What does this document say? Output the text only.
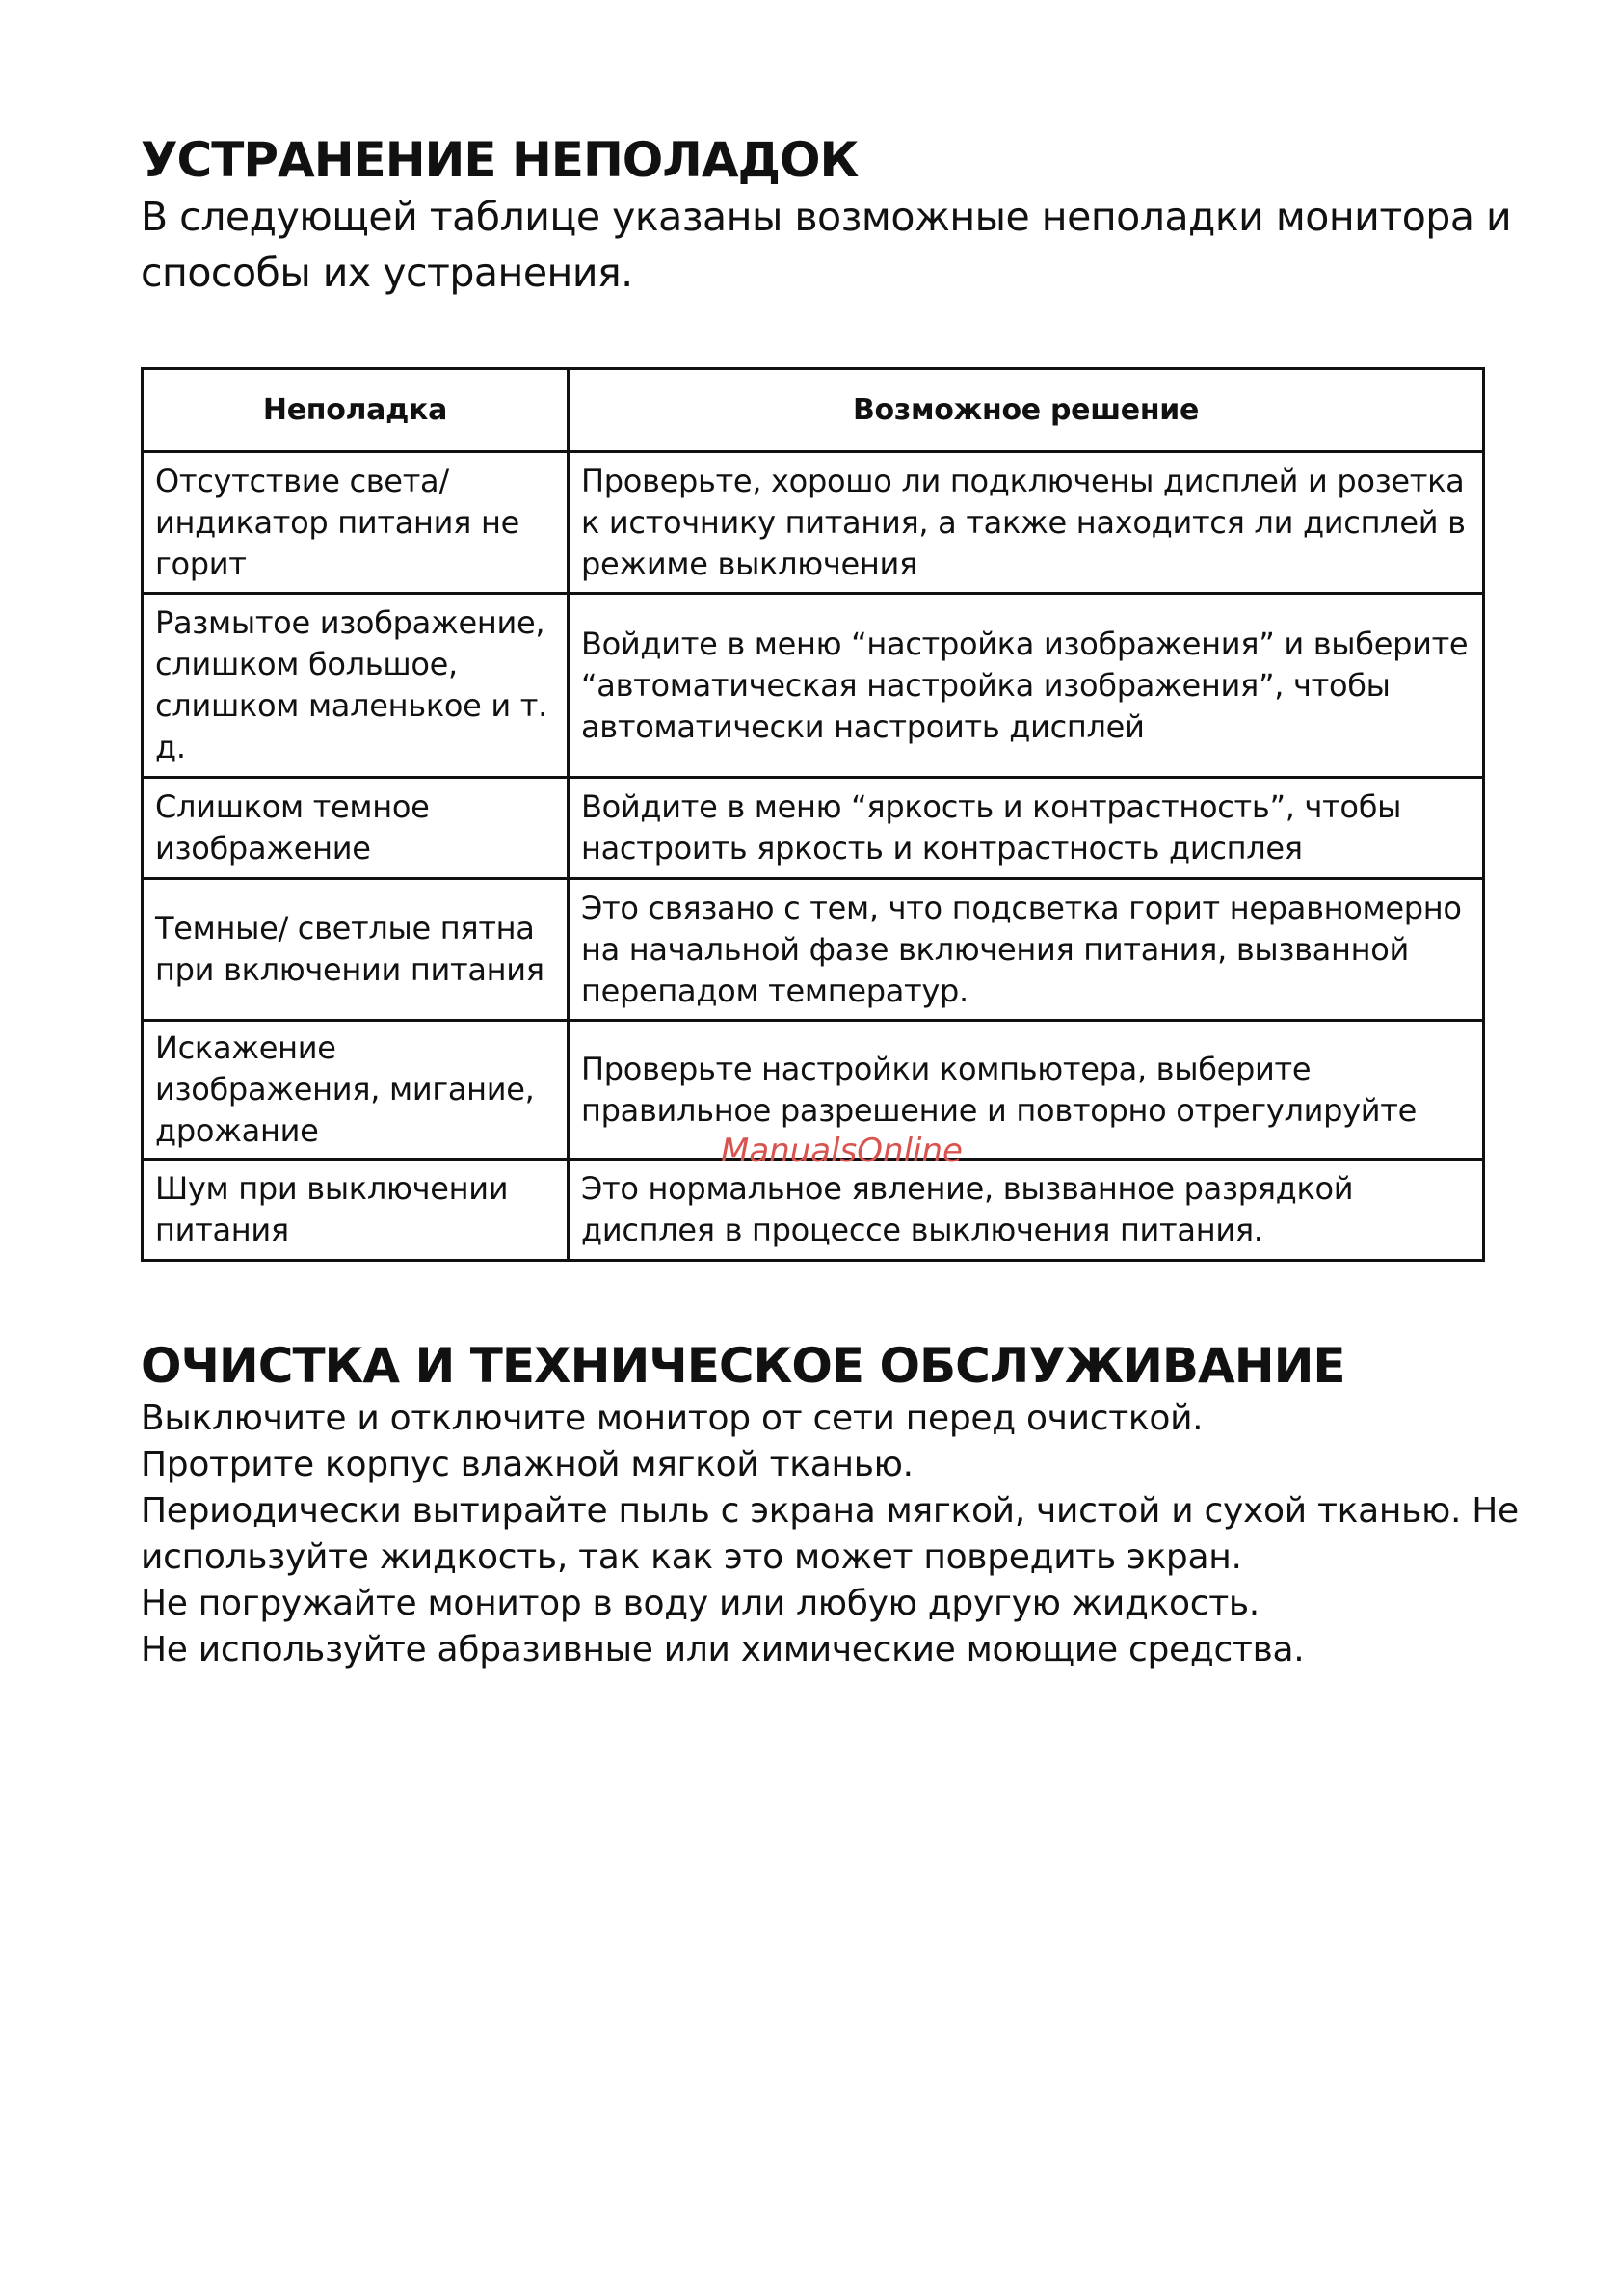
УСТРАНЕНИЕ НЕПОЛАДОК

В следующей таблице указаны возможные неполадки монитора и способы их устранения.

Неполадка	Возможное решение
Отсутствие света/ индикатор питания не горит	Проверьте, хорошо ли подключены дисплей и розетка к источнику питания, а также находится ли дисплей в режиме выключения
Размытое изображение, слишком большое, слишком маленькое и т. д.	Войдите в меню “настройка изображения” и выберите “автоматическая настройка изображения”, чтобы автоматически настроить дисплей
Слишком темное изображение	Войдите в меню “яркость и контрастность”, чтобы настроить яркость и контрастность дисплея
Темные/ светлые пятна при включении питания	Это связано с тем, что подсветка горит неравномерно на начальной фазе включения питания, вызванной перепадом температур.
Искажение изображения, мигание, дрожание	Проверьте настройки компьютера, выберите правильное разрешение и повторно отрегулируйте
Шум при выключении питания	Это нормальное явление, вызванное разрядкой дисплея в процессе выключения питания.
ManualsOnline
ОЧИСТКА И ТЕХНИЧЕСКОЕ ОБСЛУЖИВАНИЕ

Выключите и отключите монитор от сети перед очисткой.

Протрите корпус влажной мягкой тканью.

Периодически вытирайте пыль с экрана мягкой, чистой и сухой тканью. Не используйте жидкость, так как это может повредить экран.

Не погружайте монитор в воду или любую другую жидкость.

Не используйте абразивные или химические моющие средства.
